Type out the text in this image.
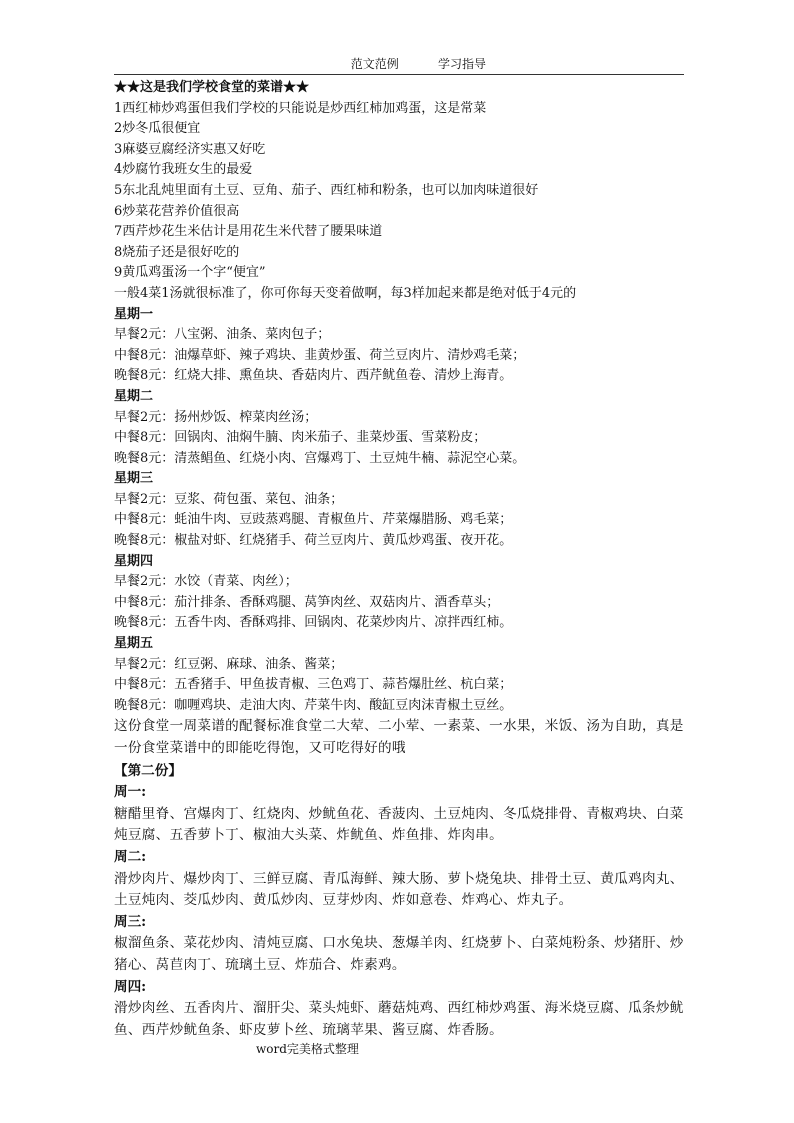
范文范例    学习指导
★★这是我们学校食堂的菜谱★★
1西红柿炒鸡蛋但我们学校的只能说是炒西红柿加鸡蛋，这是常菜
2炒冬瓜很便宜
3麻婆豆腐经济实惠又好吃
4炒腐竹我班女生的最爱
5东北乱炖里面有土豆、豆角、茄子、西红柿和粉条，也可以加肉味道很好
6炒菜花营养价值很高
7西芹炒花生米估计是用花生米代替了腰果味道
8烧茄子还是很好吃的
9黄瓜鸡蛋汤一个字“便宜”
一般4菜1汤就很标准了，你可你每天变着做啊，每3样加起来都是绝对低于4元的
星期一
早餐2元：八宝粥、油条、菜肉包子；
中餐8元：油爆草虾、辣子鸡块、韭黄炒蛋、荷兰豆肉片、清炒鸡毛菜；
晚餐8元：红烧大排、熏鱼块、香菇肉片、西芹鱿鱼卷、清炒上海青。
星期二
早餐2元：扬州炒饭、榨菜肉丝汤；
中餐8元：回锅肉、油焖牛腩、肉米茄子、韭菜炒蛋、雪菜粉皮；
晚餐8元：清蒸鲳鱼、红烧小肉、宫爆鸡丁、土豆炖牛楠、蒜泥空心菜。
星期三
早餐2元：豆浆、荷包蛋、菜包、油条；
中餐8元：蚝油牛肉、豆豉蒸鸡腿、青椒鱼片、芹菜爆腊肠、鸡毛菜；
晚餐8元：椒盐对虾、红烧猪手、荷兰豆肉片、黄瓜炒鸡蛋、夜开花。
星期四
早餐2元：水饺（青菜、肉丝）；
中餐8元：茄汁排条、香酥鸡腿、莴笋肉丝、双菇肉片、酒香草头；
晚餐8元：五香牛肉、香酥鸡排、回锅肉、花菜炒肉片、凉拌西红柿。
星期五
早餐2元：红豆粥、麻球、油条、酱菜；
中餐8元：五香猪手、甲鱼拔青椒、三色鸡丁、蒜苔爆肚丝、杭白菜；
晚餐8元：咖喱鸡块、走油大肉、芹菜牛肉、酸缸豆肉沫青椒土豆丝。
这份食堂一周菜谱的配餐标准食堂二大荤、二小荤、一素菜、一水果，米饭、汤为自助，真是一份食堂菜谱中的即能吃得饱，又可吃得好的哦
【第二份】
周一:
糖醋里脊、宫爆肉丁、红烧肉、炒鱿鱼花、香菠肉、土豆炖肉、冬瓜烧排骨、青椒鸡块、白菜炖豆腐、五香萝卜丁、椒油大头菜、炸鱿鱼、炸鱼排、炸肉串。
周二:
滑炒肉片、爆炒肉丁、三鲜豆腐、青瓜海鲜、辣大肠、萝卜烧兔块、排骨土豆、黄瓜鸡肉丸、土豆炖肉、茭瓜炒肉、黄瓜炒肉、豆芽炒肉、炸如意卷、炸鸡心、炸丸子。
周三:
椒溜鱼条、菜花炒肉、清炖豆腐、口水兔块、葱爆羊肉、红烧萝卜、白菜炖粉条、炒猪肝、炒猪心、莴苣肉丁、琉璃土豆、炸茄合、炸素鸡。
周四:
滑炒肉丝、五香肉片、溜肝尖、菜头炖虾、蘑菇炖鸡、西红柿炒鸡蛋、海米烧豆腐、瓜条炒鱿鱼、西芹炒鱿鱼条、虾皮萝卜丝、琉璃苹果、酱豆腐、炸香肠。
word完美格式整理
